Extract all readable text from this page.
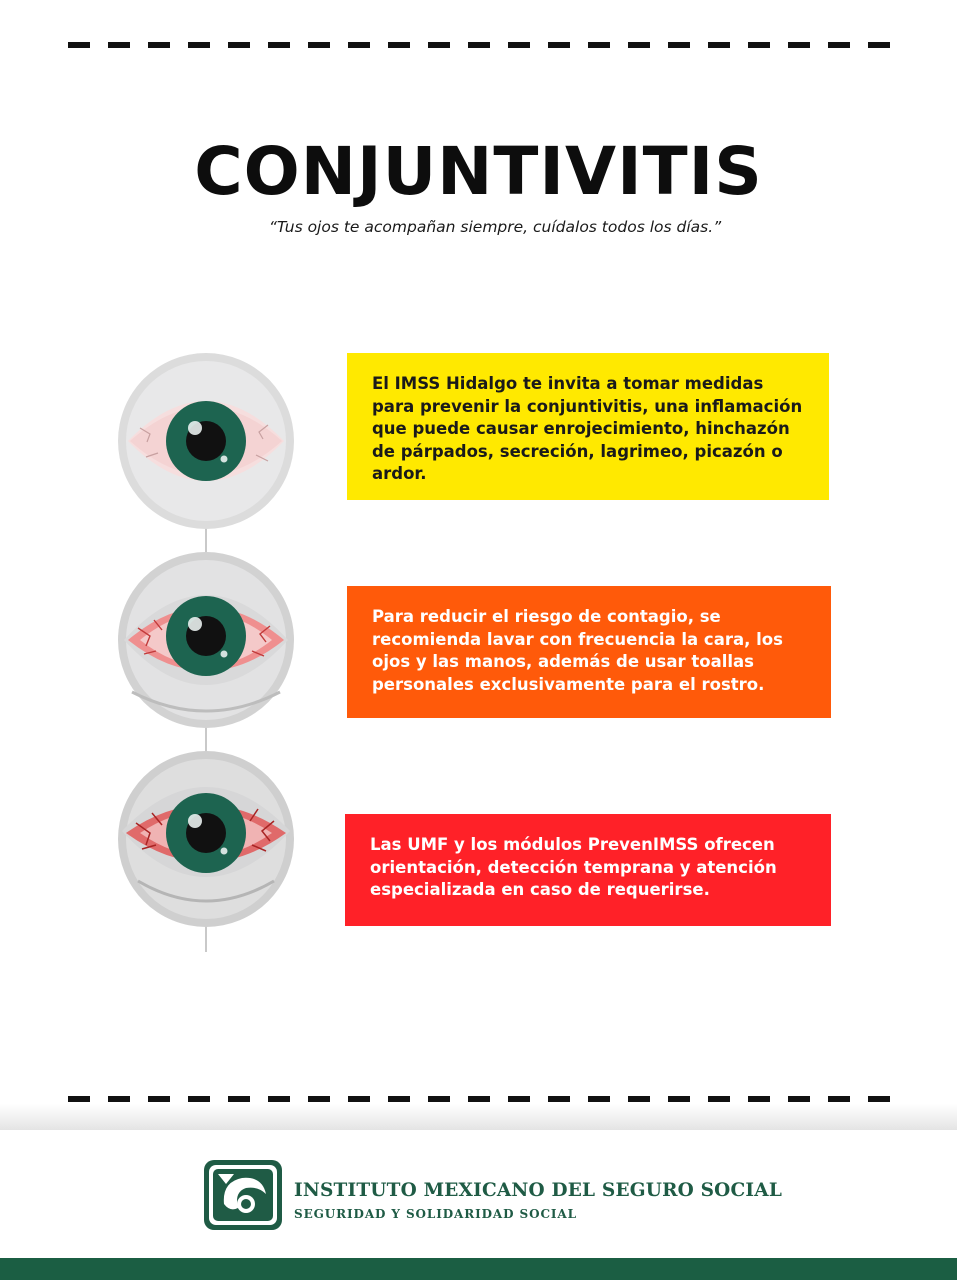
CONJUNTIVITIS

“Tus ojos te acompañan siempre, cuídalos todos los días.”

El IMSS Hidalgo te invita a tomar medidas para prevenir la conjuntivitis, una inflamación que puede causar enrojecimiento, hinchazón de párpados, secreción, lagrimeo, picazón o ardor.

Para reducir el riesgo de contagio, se recomienda lavar con frecuencia la cara, los ojos y las manos, además de usar toallas personales exclusivamente para el rostro.

Las UMF y los módulos PrevenIMSS ofrecen orientación, detección temprana y atención especializada en caso de requerirse.

INSTITUTO MEXICANO DEL SEGURO SOCIAL

SEGURIDAD Y SOLIDARIDAD SOCIAL
